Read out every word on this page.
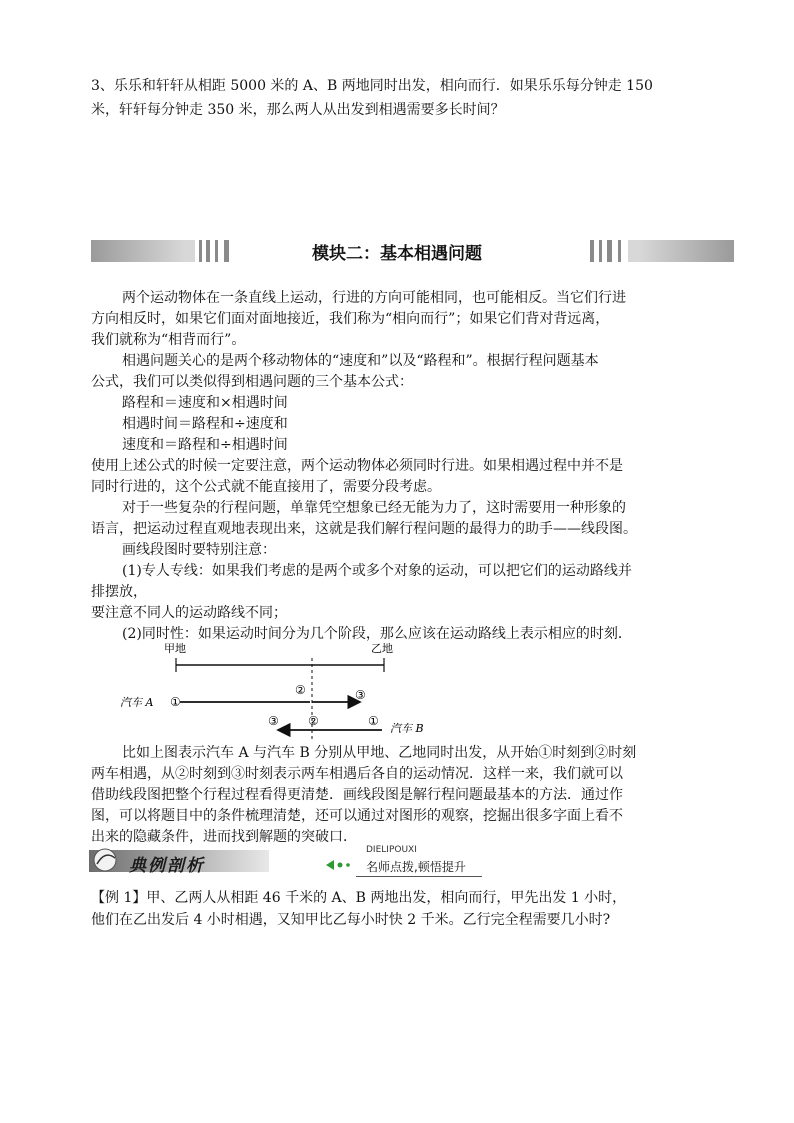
3、乐乐和轩轩从相距 5000 米的 A、B 两地同时出发，相向而行．如果乐乐每分钟走 150
米，轩轩每分钟走 350 米，那么两人从出发到相遇需要多长时间？
模块二：基本相遇问题
两个运动物体在一条直线上运动，行进的方向可能相同，也可能相反。当它们行进
方向相反时，如果它们面对面地接近，我们称为“相向而行”；如果它们背对背远离，
我们就称为“相背而行”。
相遇问题关心的是两个移动物体的“速度和”以及“路程和”。根据行程问题基本
公式，我们可以类似得到相遇问题的三个基本公式：
路程和＝速度和×相遇时间
相遇时间＝路程和÷速度和
速度和＝路程和÷相遇时间
使用上述公式的时候一定要注意，两个运动物体必须同时行进。如果相遇过程中并不是
同时行进的，这个公式就不能直接用了，需要分段考虑。
对于一些复杂的行程问题，单靠凭空想象已经无能为力了，这时需要用一种形象的
语言，把运动过程直观地表现出来，这就是我们解行程问题的最得力的助手——线段图。
画线段图时要特别注意：
(1)专人专线：如果我们考虑的是两个或多个对象的运动，可以把它们的运动路线并
排摆放，
要注意不同人的运动路线不同；
(2)同时性：如果运动时间分为几个阶段，那么应该在运动路线上表示相应的时刻．
甲地	乙地
汽车 A ①
②	③
③ ②	①
汽车 B
比如上图表示汽车 A 与汽车 B 分别从甲地、乙地同时出发，从开始①时刻到②时刻
两车相遇，从②时刻到③时刻表示两车相遇后各自的运动情况．这样一来，我们就可以
借助线段图把整个行程过程看得更清楚．画线段图是解行程问题最基本的方法．通过作
图，可以将题目中的条件梳理清楚，还可以通过对图形的观察，挖掘出很多字面上看不
出来的隐藏条件，进而找到解题的突破口．
典例剖析
DIELIPOUXI
名师点拨,顿悟提升
【例 1】甲、乙两人从相距 46 千米的 A、B 两地出发，相向而行，甲先出发 1 小时，
他们在乙出发后 4 小时相遇，又知甲比乙每小时快 2 千米。乙行完全程需要几小时?
